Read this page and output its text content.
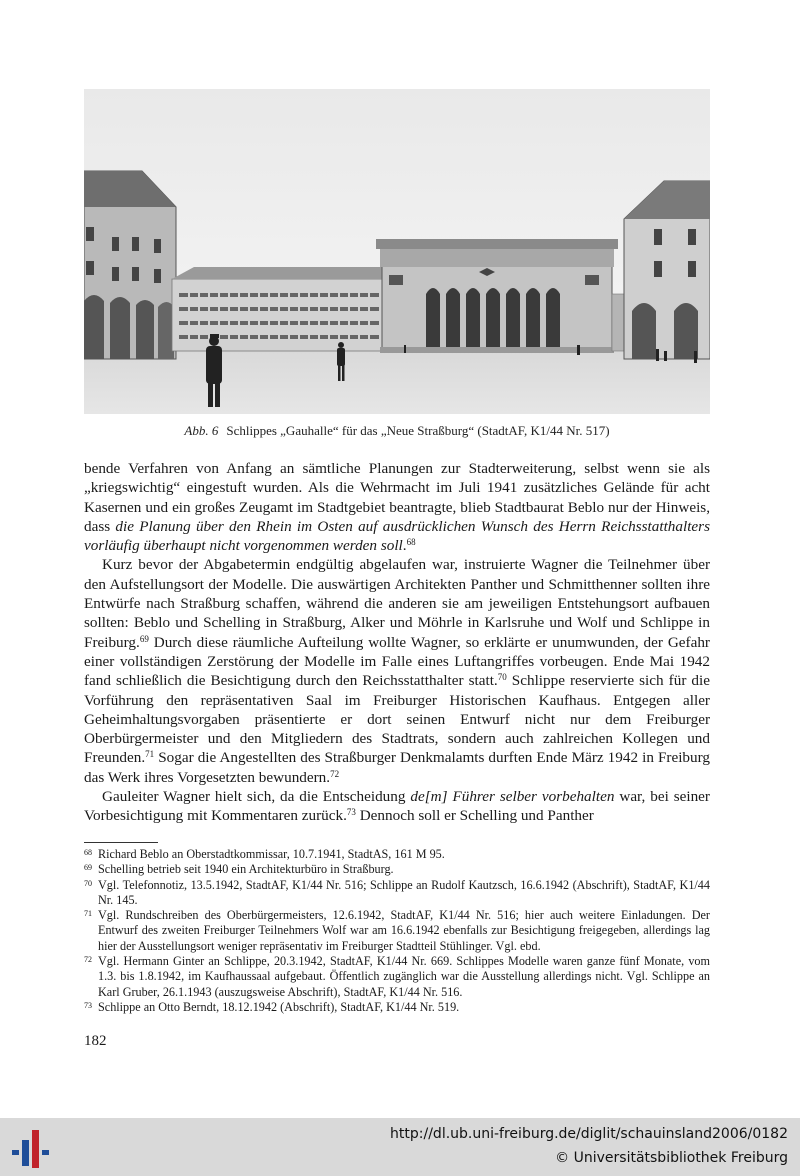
Abb. 6 Schlippes „Gauhalle“ für das „Neue Straßburg“ (StadtAF, K1/44 Nr. 517)

bende Verfahren von Anfang an sämtliche Planungen zur Stadterweiterung, selbst wenn sie als „kriegswichtig“ eingestuft wurden. Als die Wehrmacht im Juli 1941 zusätzliches Gelände für acht Kasernen und ein großes Zeugamt im Stadtgebiet beantragte, blieb Stadtbaurat Beblo nur der Hinweis, dass die Planung über den Rhein im Osten auf ausdrücklichen Wunsch des Herrn Reichsstatthalters vorläufig überhaupt nicht vorgenommen werden soll.$^{68}$

Kurz bevor der Abgabetermin endgültig abgelaufen war, instruierte Wagner die Teilnehmer über den Aufstellungsort der Modelle. Die auswärtigen Architekten Panther und Schmitthenner sollten ihre Entwürfe nach Straßburg schaffen, während die anderen sie am jeweiligen Entstehungsort aufbauen sollten: Beblo und Schelling in Straßburg, Alker und Möhrle in Karlsruhe und Wolf und Schlippe in Freiburg.$^{69}$ Durch diese räumliche Aufteilung wollte Wagner, so erklärte er unumwunden, der Gefahr einer vollständigen Zerstörung der Modelle im Falle eines Luftangriffes vorbeugen. Ende Mai 1942 fand schließlich die Besichtigung durch den Reichsstatthalter statt.$^{70}$ Schlippe reservierte sich für die Vorführung den repräsentativen Saal im Freiburger Historischen Kaufhaus. Entgegen aller Geheimhaltungsvorgaben präsentierte er dort seinen Entwurf nicht nur dem Freiburger Oberbürgermeister und den Mitgliedern des Stadtrats, sondern auch zahlreichen Kollegen und Freunden.$^{71}$ Sogar die Angestellten des Straßburger Denkmalamts durften Ende März 1942 in Freiburg das Werk ihres Vorgesetzten bewundern.$^{72}$

Gauleiter Wagner hielt sich, da die Entscheidung de[m] Führer selber vorbehalten war, bei seiner Vorbesichtigung mit Kommentaren zurück.$^{73}$ Dennoch soll er Schelling und Panther

68 Richard Beblo an Oberstadtkommissar, 10.7.1941, StadtAS, 161 M 95.
69 Schelling betrieb seit 1940 ein Architekturbüro in Straßburg.
70 Vgl. Telefonnotiz, 13.5.1942, StadtAF, K1/44 Nr. 516; Schlippe an Rudolf Kautzsch, 16.6.1942 (Abschrift), StadtAF, K1/44 Nr. 145.
71 Vgl. Rundschreiben des Oberbürgermeisters, 12.6.1942, StadtAF, K1/44 Nr. 516; hier auch weitere Einladungen. Der Entwurf des zweiten Freiburger Teilnehmers Wolf war am 16.6.1942 ebenfalls zur Besichtigung freigegeben, allerdings lag hier der Ausstellungsort weniger repräsentativ im Freiburger Stadtteil Stühlinger. Vgl. ebd.
72 Vgl. Hermann Ginter an Schlippe, 20.3.1942, StadtAF, K1/44 Nr. 669. Schlippes Modelle waren ganze fünf Monate, vom 1.3. bis 1.8.1942, im Kaufhaussaal aufgebaut. Öffentlich zugänglich war die Ausstellung allerdings nicht. Vgl. Schlippe an Karl Gruber, 26.1.1943 (auszugsweise Abschrift), StadtAF, K1/44 Nr. 516.
73 Schlippe an Otto Berndt, 18.12.1942 (Abschrift), StadtAF, K1/44 Nr. 519.
182
http://dl.ub.uni-freiburg.de/diglit/schauinsland2006/0182
© Universitätsbibliothek Freiburg
